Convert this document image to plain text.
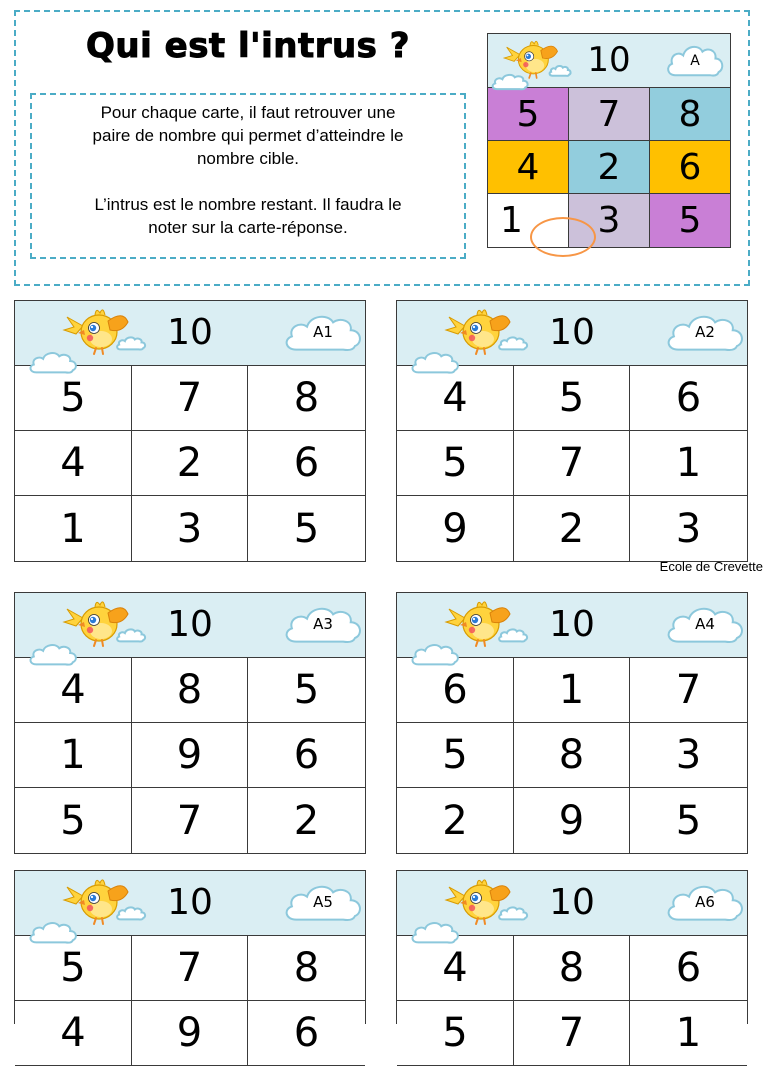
Qui est l'intrus ?
Pour chaque carte, il faut retrouver une
paire de nombre qui permet d’atteindre le
nombre cible.
L’intrus est le nombre restant. Il faudra le
noter sur la carte-réponse.
10	A
5 7 8
4 2 6
1 3 5
10	A1
5	7	8
4	2	6
1	3	5
10	A2
4	5	6
5	7	1
9	2	3
10	A3
4	8	5
1	9	6
5	7	2
10	A4
6	1	7
5	8	3
2	9	5
10	A5
5	7	8
4	9	6
10	A6
4	8	6
5	7	1
Ecole de Crevette
